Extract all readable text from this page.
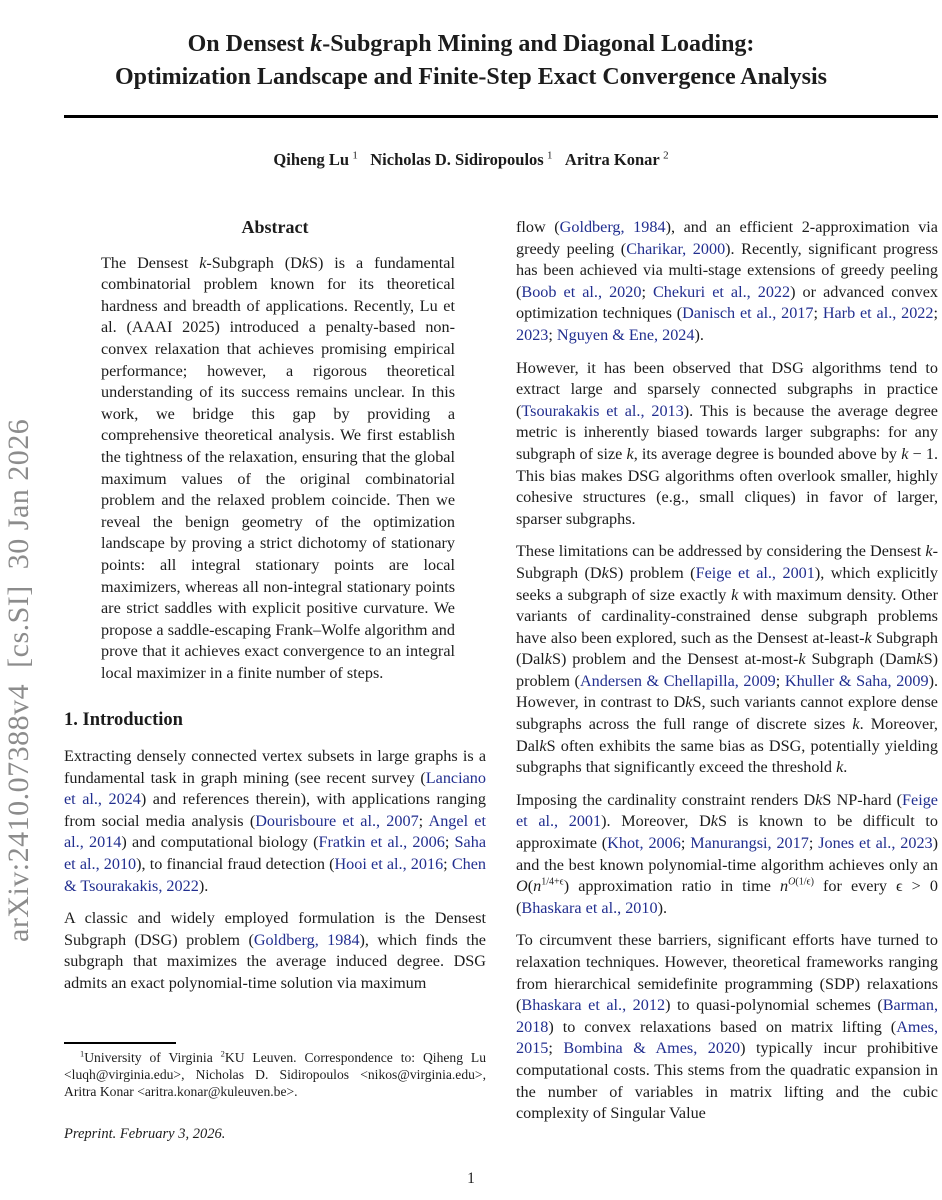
arXiv:2410.07388v4  [cs.SI]  30 Jan 2026
On Densest k-Subgraph Mining and Diagonal Loading:
Optimization Landscape and Finite-Step Exact Convergence Analysis
Qiheng Lu $^1$   Nicholas D. Sidiropoulos $^1$   Aritra Konar $^2$
Abstract
The Densest k-Subgraph (DkS) is a fundamental combinatorial problem known for its theoretical hardness and breadth of applications. Recently, Lu et al. (AAAI 2025) introduced a penalty-based non-convex relaxation that achieves promising empirical performance; however, a rigorous theoretical understanding of its success remains unclear. In this work, we bridge this gap by providing a comprehensive theoretical analysis. We first establish the tightness of the relaxation, ensuring that the global maximum values of the original combinatorial problem and the relaxed problem coincide. Then we reveal the benign geometry of the optimization landscape by proving a strict dichotomy of stationary points: all integral stationary points are local maximizers, whereas all non-integral stationary points are strict saddles with explicit positive curvature. We propose a saddle-escaping Frank–Wolfe algorithm and prove that it achieves exact convergence to an integral local maximizer in a finite number of steps.
1. Introduction

Extracting densely connected vertex subsets in large graphs is a fundamental task in graph mining (see recent survey (Lanciano et al., 2024) and references therein), with applications ranging from social media analysis (Dourisboure et al., 2007; Angel et al., 2014) and computational biology (Fratkin et al., 2006; Saha et al., 2010), to financial fraud detection (Hooi et al., 2016; Chen & Tsourakakis, 2022).

A classic and widely employed formulation is the Densest Subgraph (DSG) problem (Goldberg, 1984), which finds the subgraph that maximizes the average induced degree. DSG admits an exact polynomial-time solution via maximum

flow (Goldberg, 1984), and an efficient 2-approximation via greedy peeling (Charikar, 2000). Recently, significant progress has been achieved via multi-stage extensions of greedy peeling (Boob et al., 2020; Chekuri et al., 2022) or advanced convex optimization techniques (Danisch et al., 2017; Harb et al., 2022; 2023; Nguyen & Ene, 2024).

However, it has been observed that DSG algorithms tend to extract large and sparsely connected subgraphs in practice (Tsourakakis et al., 2013). This is because the average degree metric is inherently biased towards larger subgraphs: for any subgraph of size k, its average degree is bounded above by k − 1. This bias makes DSG algorithms often overlook smaller, highly cohesive structures (e.g., small cliques) in favor of larger, sparser subgraphs.

These limitations can be addressed by considering the Densest k-Subgraph (DkS) problem (Feige et al., 2001), which explicitly seeks a subgraph of size exactly k with maximum density. Other variants of cardinality-constrained dense subgraph problems have also been explored, such as the Densest at-least-k Subgraph (DalkS) problem and the Densest at-most-k Subgraph (DamkS) problem (Andersen & Chellapilla, 2009; Khuller & Saha, 2009). However, in contrast to DkS, such variants cannot explore dense subgraphs across the full range of discrete sizes k. Moreover, DalkS often exhibits the same bias as DSG, potentially yielding subgraphs that significantly exceed the threshold k.

Imposing the cardinality constraint renders DkS NP-hard (Feige et al., 2001). Moreover, DkS is known to be difficult to approximate (Khot, 2006; Manurangsi, 2017; Jones et al., 2023) and the best known polynomial-time algorithm achieves only an $O(n^{1/4+\epsilon})$ approximation ratio in time $n^{O(1/\epsilon)}$ for every ϵ > 0 (Bhaskara et al., 2010).

To circumvent these barriers, significant efforts have turned to relaxation techniques. However, theoretical frameworks ranging from hierarchical semidefinite programming (SDP) relaxations (Bhaskara et al., 2012) to quasi-polynomial schemes (Barman, 2018) to convex relaxations based on matrix lifting (Ames, 2015; Bombina & Ames, 2020) typically incur prohibitive computational costs. This stems from the quadratic expansion in the number of variables in matrix lifting and the cubic complexity of Singular Value

$^1$University of Virginia $^2$KU Leuven. Correspondence to: Qiheng Lu <luqh@virginia.edu>, Nicholas D. Sidiropoulos <nikos@virginia.edu>, Aritra Konar <aritra.konar@kuleuven.be>.
Preprint. February 3, 2026.
1
